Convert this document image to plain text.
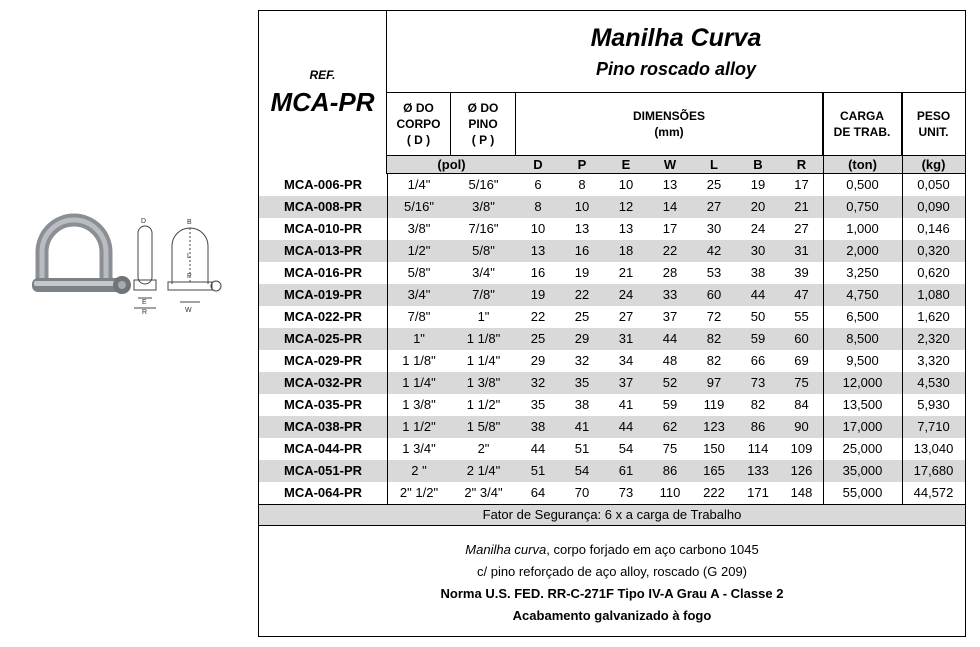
D
E
R
B
L
P
W
REF.
MCA-PR
Manilha Curva
Pino roscado alloy
Ø DO
CORPO
( D )
Ø DO
PINO
( P )
DIMENSÕES
(mm)
CARGA
DE TRAB.
PESO
UNIT.
(pol)	D	P	E	W	L	B	R	(ton)	(kg)
MCA-006-PR	1/4"	5/16"	6	8	10	13	25	19	17	0,500	0,050
MCA-008-PR	5/16"	3/8"	8	10	12	14	27	20	21	0,750	0,090
MCA-010-PR	3/8"	7/16"	10	13	13	17	30	24	27	1,000	0,146
MCA-013-PR	1/2"	5/8"	13	16	18	22	42	30	31	2,000	0,320
MCA-016-PR	5/8"	3/4"	16	19	21	28	53	38	39	3,250	0,620
MCA-019-PR	3/4"	7/8"	19	22	24	33	60	44	47	4,750	1,080
MCA-022-PR	7/8"	1"	22	25	27	37	72	50	55	6,500	1,620
MCA-025-PR	1"	1 1/8"	25	29	31	44	82	59	60	8,500	2,320
MCA-029-PR	1 1/8"	1 1/4"	29	32	34	48	82	66	69	9,500	3,320
MCA-032-PR	1 1/4"	1 3/8"	32	35	37	52	97	73	75	12,000	4,530
MCA-035-PR	1 3/8"	1 1/2"	35	38	41	59	119	82	84	13,500	5,930
MCA-038-PR	1 1/2"	1 5/8"	38	41	44	62	123	86	90	17,000	7,710
MCA-044-PR	1 3/4"	2"	44	51	54	75	150	114	109	25,000	13,040
MCA-051-PR	2 "	2 1/4"	51	54	61	86	165	133	126	35,000	17,680
MCA-064-PR	2" 1/2"	2" 3/4"	64	70	73	110	222	171	148	55,000	44,572
Fator de Segurança: 6 x a carga de Trabalho
Manilha curva, corpo forjado em aço carbono 1045
c/ pino reforçado de aço alloy, roscado (G 209)
Norma U.S. FED. RR-C-271F Tipo IV-A Grau A - Classe 2
Acabamento galvanizado à fogo
